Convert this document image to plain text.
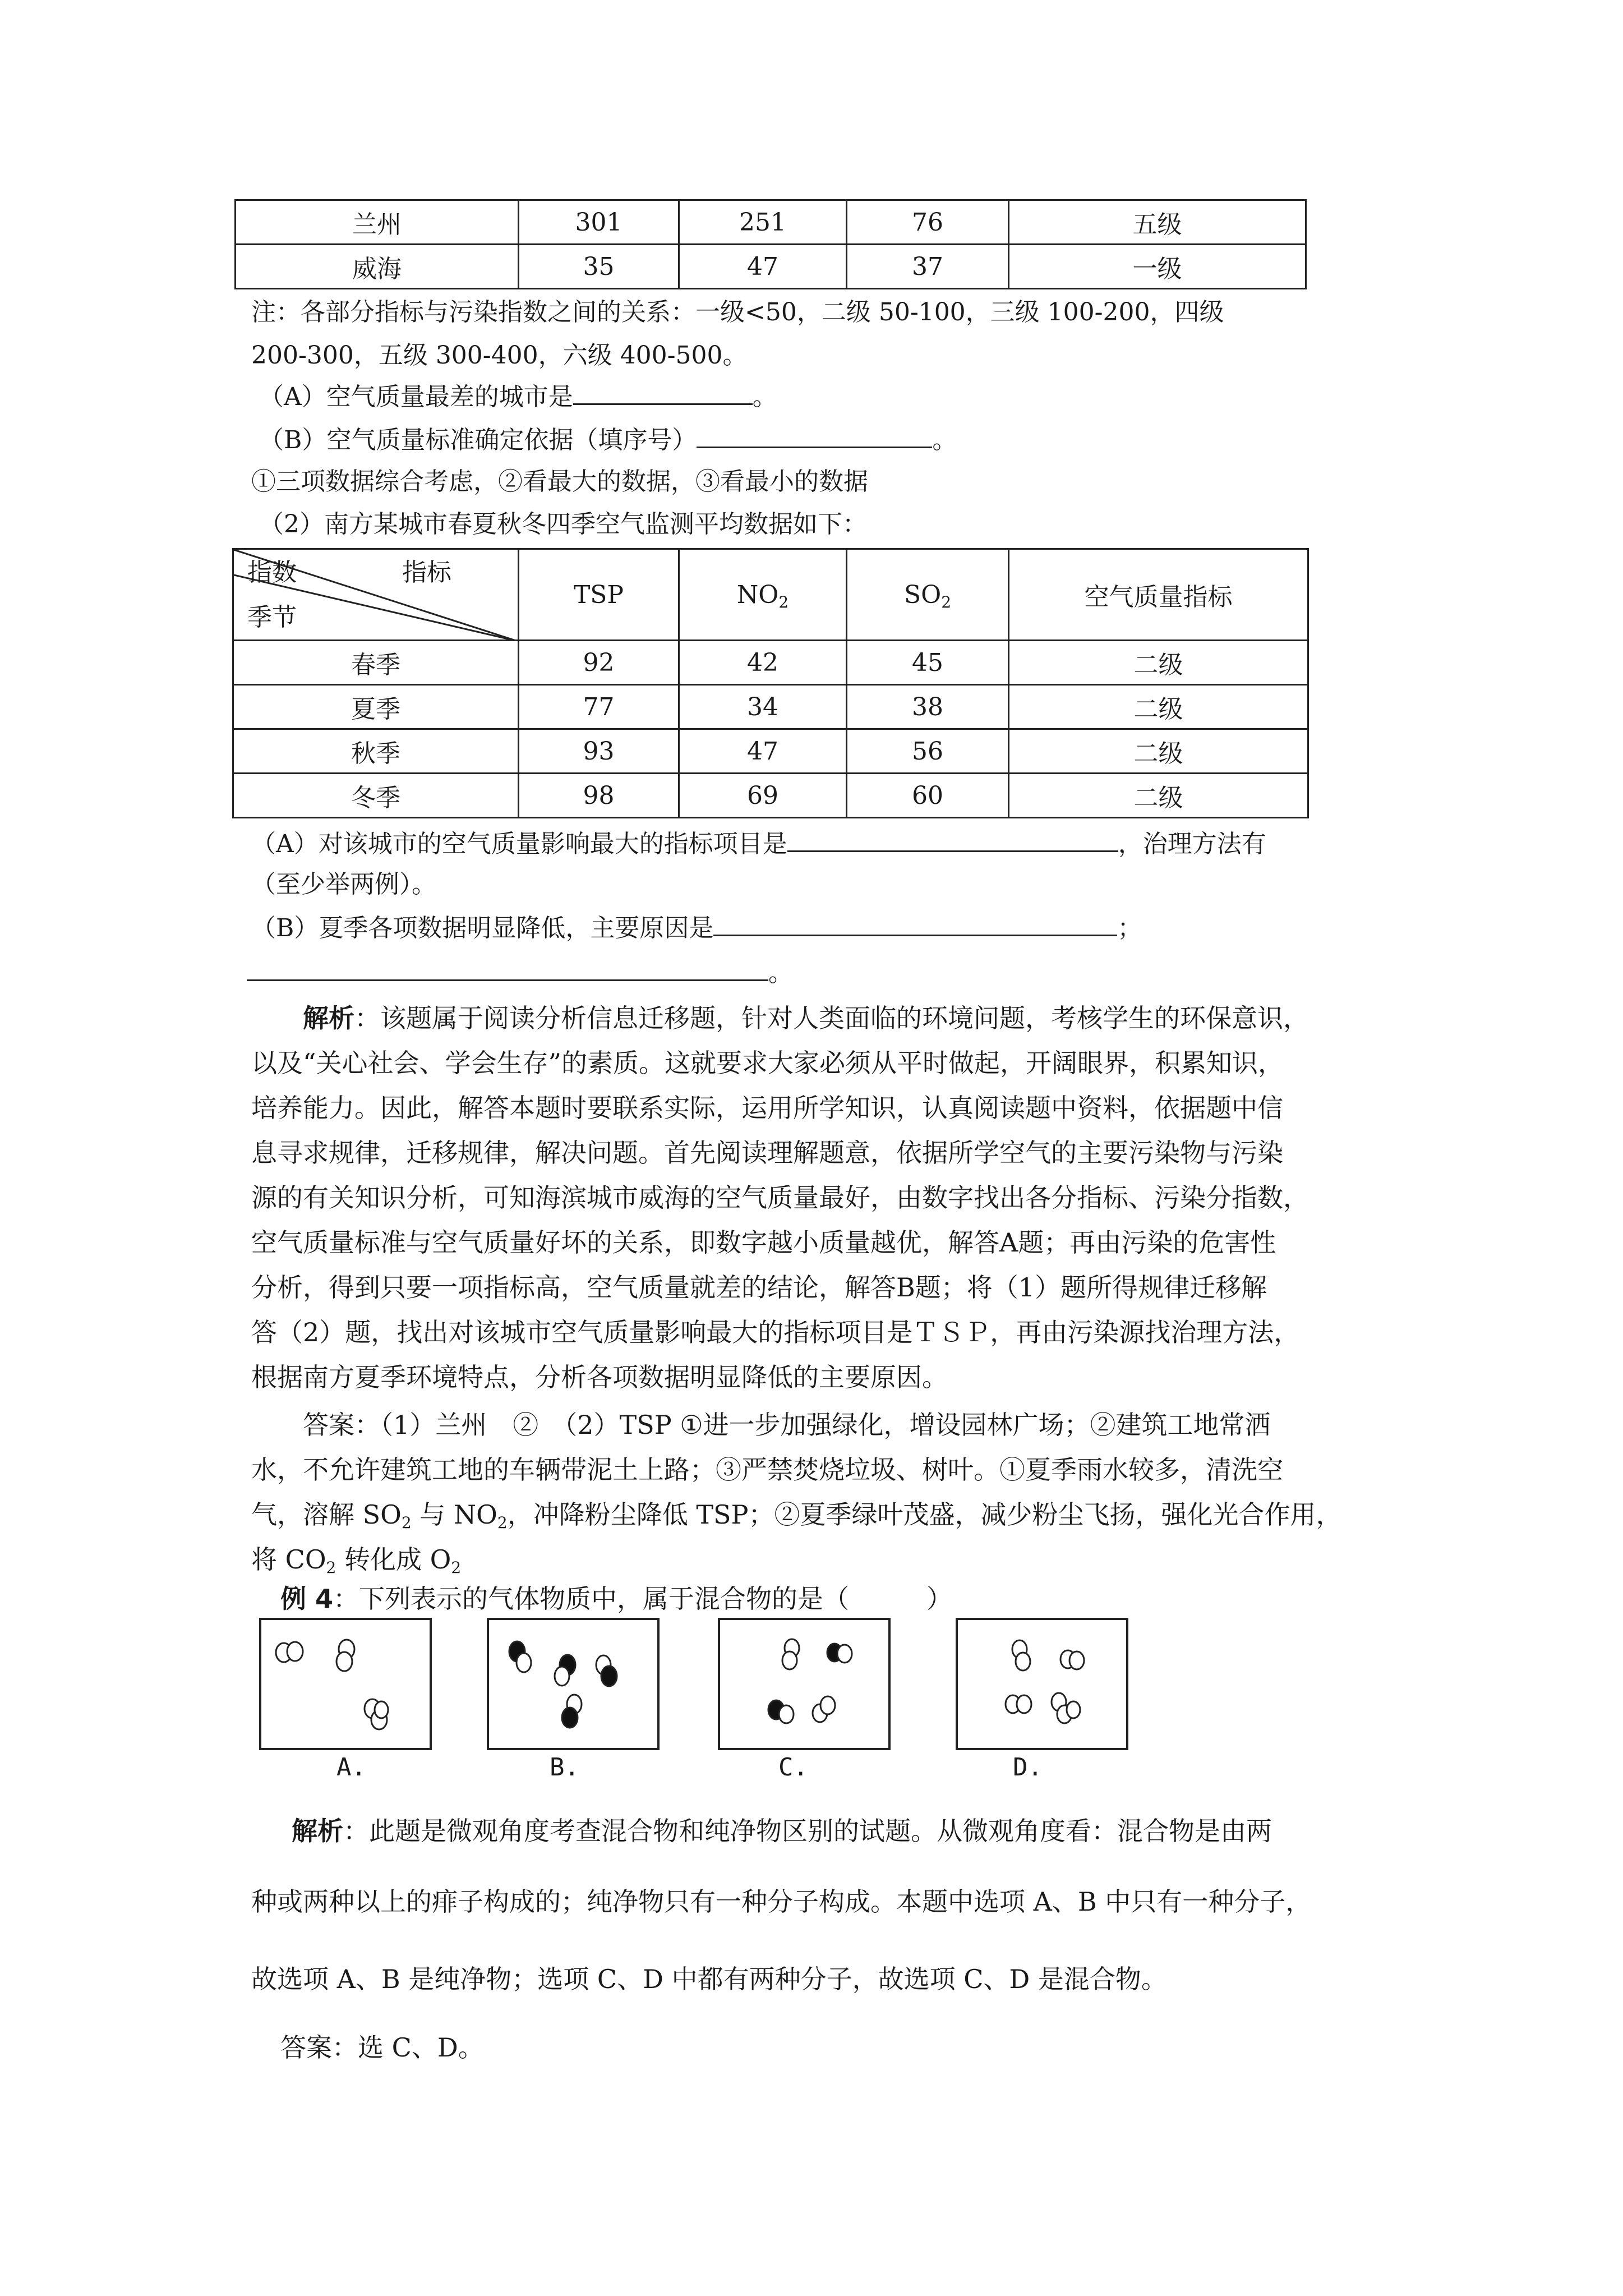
兰州	301	251	76	五级
威海	35	47	37	一级
注：各部分指标与污染指数之间的关系：一级<50，二级 50-100，三级 100-200，四级
200-300，五级 300-400，六级 400-500。
（A）空气质量最差的城市是	。
（B）空气质量标准确定依据（填序号）	。
①三项数据综合考虑，②看最大的数据，③看最小的数据
（2）南方某城市春夏秋冬四季空气监测平均数据如下：
指数 指标
季节	TSP	$NO_2$	$SO_2$	空气质量指标
春季	92	42	45	二级
夏季	77	34	38	二级
秋季	93	47	56	二级
冬季	98	69	60	二级
（A）对该城市的空气质量影响最大的指标项目是	，治理方法有
（至少举两例）。
（B）夏季各项数据明显降低，主要原因是	；
。
解析：该题属于阅读分析信息迁移题，针对人类面临的环境问题，考核学生的环保意识，
以及“关心社会、学会生存”的素质。这就要求大家必须从平时做起，开阔眼界，积累知识，
培养能力。因此，解答本题时要联系实际，运用所学知识，认真阅读题中资料，依据题中信
息寻求规律，迁移规律，解决问题。首先阅读理解题意，依据所学空气的主要污染物与污染
源的有关知识分析，可知海滨城市威海的空气质量最好，由数字找出各分指标、污染分指数，
空气质量标准与空气质量好坏的关系，即数字越小质量越优，解答A题；再由污染的危害性
分析，得到只要一项指标高，空气质量就差的结论，解答B题；将（1）题所得规律迁移解
答（2）题，找出对该城市空气质量影响最大的指标项目是ＴＳＰ，再由污染源找治理方法，
根据南方夏季环境特点，分析各项数据明显降低的主要原因。
答案：（1）兰州　②　（2）TSP ①进一步加强绿化，增设园林广场；②建筑工地常洒
水，不允许建筑工地的车辆带泥土上路；③严禁焚烧垃圾、树叶。①夏季雨水较多，清洗空
气，溶解 $SO_2$ 与 $NO_2$，冲降粉尘降低 TSP；②夏季绿叶茂盛，减少粉尘飞扬，强化光合作用，
将 $CO_2$ 转化成 $O_2$
例 4：下列表示的气体物质中，属于混合物的是（　　　）
A.	B.	C.	D.
解析：此题是微观角度考查混合物和纯净物区别的试题。从微观角度看：混合物是由两
种或两种以上的痱子构成的；纯净物只有一种分子构成。本题中选项 A、B 中只有一种分子，
故选项 A、B 是纯净物；选项 C、D 中都有两种分子，故选项 C、D 是混合物。
答案：选 C、D。
